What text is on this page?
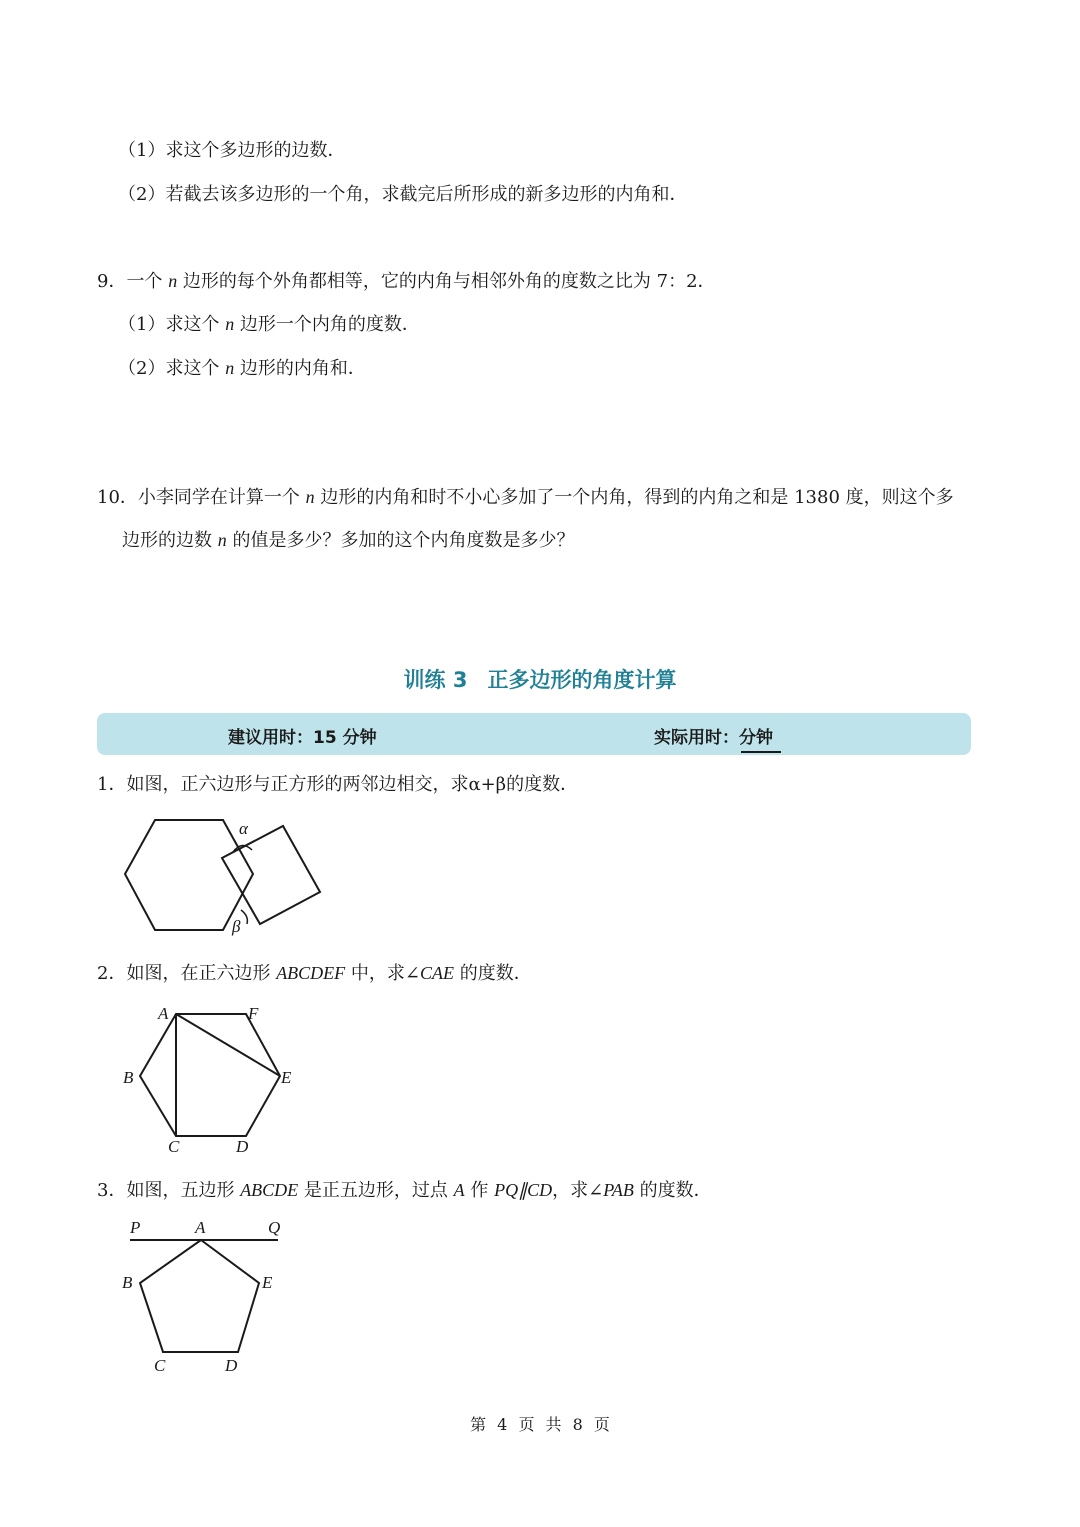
（1）求这个多边形的边数．
（2）若截去该多边形的一个角，求截完后所形成的新多边形的内角和．
9．一个 n 边形的每个外角都相等，它的内角与相邻外角的度数之比为 7：2．
（1）求这个 n 边形一个内角的度数．
（2）求这个 n 边形的内角和．
10．小李同学在计算一个 n 边形的内角和时不小心多加了一个内角，得到的内角之和是 1380 度，则这个多
边形的边数 n 的值是多少？多加的这个内角度数是多少？
训练 3 正多边形的角度计算
建议用时：15 分钟	实际用时：
分钟
1．如图，正六边形与正方形的两邻边相交，求α+β的度数．
α
β
2．如图，在正六边形 ABCDEF 中，求∠CAE 的度数．
A	F
B	E
C	D
3．如图，五边形 ABCDE 是正五边形，过点 A 作 PQ∥CD，求∠PAB 的度数．
P	A	Q
B	E
C	D
第 4 页 共 8 页
